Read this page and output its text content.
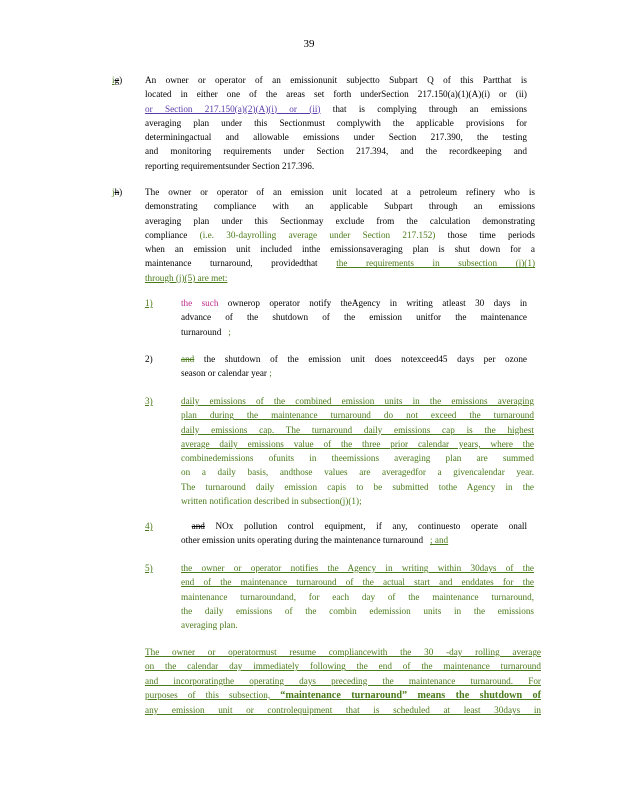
39
ig) An owner or operator of an emissionunit subjectto Subpart Q of this Partthat is
located in either one of the areas set forth underSection 217.150(a)(1)(A)(i) or (ii)
or Section 217.150(a)(2)(A)(i) or (ii) that is complying through an emissions
averaging plan under this Sectionmust complywith the applicable provisions for
determiningactual and allowable emissions under Section 217.390, the testing
and monitoring requirements under Section 217.394, and the recordkeeping and
reporting requirementsunder Section 217.396.
jh) The owner or operator of an emission unit located at a petroleum refinery who is
demonstrating compliance with an applicable Subpart through an emissions
averaging plan under this Sectionmay exclude from the calculation demonstrating
compliance (i.e. 30-dayrolling average under Section 217.152) those time periods
when an emission unit included inthe emissionsaveraging plan is shut down for a
maintenance turnaround, providedthat the requirements in subsection (j)(1)
through (j)(5) are met:
1)	the such ownerор operator notify theAgency in writing atleast 30 days in
advance of the shutdown of the emission unitfor the maintenance
turnaround ;
2)	and the shutdown of the emission unit does notexceed45 days per ozone
season or calendar year ;
3)	daily emissions of the combined emission units in the emissions averaging
plan during the maintenance turnaround do not exceed the turnaround
daily emissions cap. The turnaround daily emissions cap is the highest
average daily emissions value of the three prior calendar years, where the
combinedemissions ofunits in theemissions averaging plan are summed
on a daily basis, andthose values are averagedfor a givencalendar year.
The turnaround daily emission capis to be submitted tothe Agency in the
written notification described in subsection(j)(1);
4)	and NOx pollution control equipment, if any, continuesto operate onall
other emission units operating during the maintenance turnaround ; and
5)	the owner or operator notifies the Agency in writing within 30days of the
end of the maintenance turnaround of the actual start and enddates for the
maintenance turnaroundand, for each day of the maintenance turnaround,
the daily emissions of the combin edemission units in the emissions
averaging plan.
The owner or operatormust resume compliancewith the 30 -day rolling average
on the calendar day immediately following the end of the maintenance turnaround
and incorporatingthe operating days preceding the maintenance turnaround. For
purposes of this subsection, “maintenance turnaround” means the shutdown of
any emission unit or controlequipment that is scheduled at least 30days in
